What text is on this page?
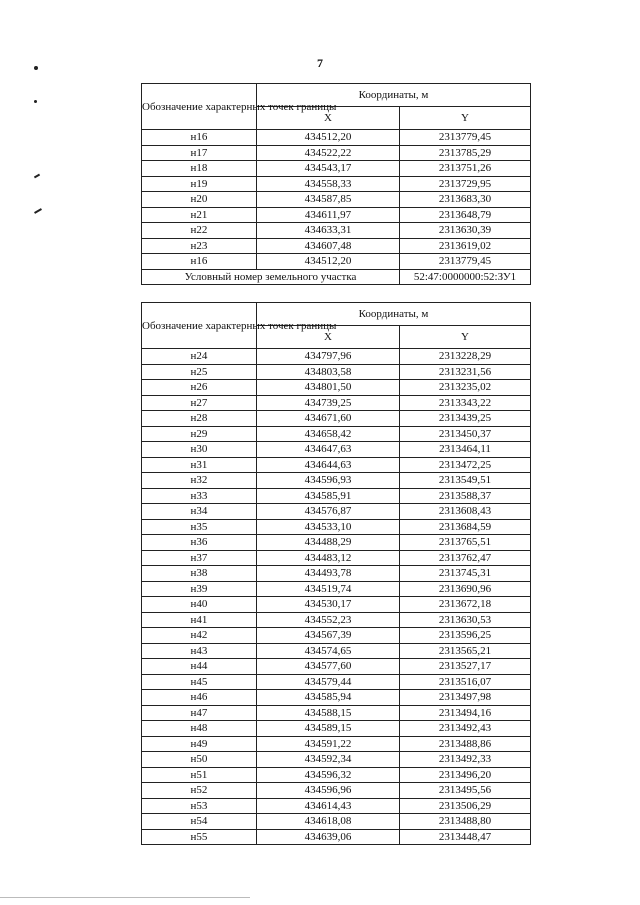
7
Обозначение характерных точек границы	Координаты, м	
	X	Y
н16	434512,20	2313779,45
н17	434522,22	2313785,29
н18	434543,17	2313751,26
н19	434558,33	2313729,95
н20	434587,85	2313683,30
н21	434611,97	2313648,79
н22	434633,31	2313630,39
н23	434607,48	2313619,02
н16	434512,20	2313779,45
Условный номер земельного участка		52:47:0000000:52:ЗУ1
Обозначение характерных точек границы	Координаты, м	
	X	Y
н24	434797,96	2313228,29
н25	434803,58	2313231,56
н26	434801,50	2313235,02
н27	434739,25	2313343,22
н28	434671,60	2313439,25
н29	434658,42	2313450,37
н30	434647,63	2313464,11
н31	434644,63	2313472,25
н32	434596,93	2313549,51
н33	434585,91	2313588,37
н34	434576,87	2313608,43
н35	434533,10	2313684,59
н36	434488,29	2313765,51
н37	434483,12	2313762,47
н38	434493,78	2313745,31
н39	434519,74	2313690,96
н40	434530,17	2313672,18
н41	434552,23	2313630,53
н42	434567,39	2313596,25
н43	434574,65	2313565,21
н44	434577,60	2313527,17
н45	434579,44	2313516,07
н46	434585,94	2313497,98
н47	434588,15	2313494,16
н48	434589,15	2313492,43
н49	434591,22	2313488,86
н50	434592,34	2313492,33
н51	434596,32	2313496,20
н52	434596,96	2313495,56
н53	434614,43	2313506,29
н54	434618,08	2313488,80
н55	434639,06	2313448,47
